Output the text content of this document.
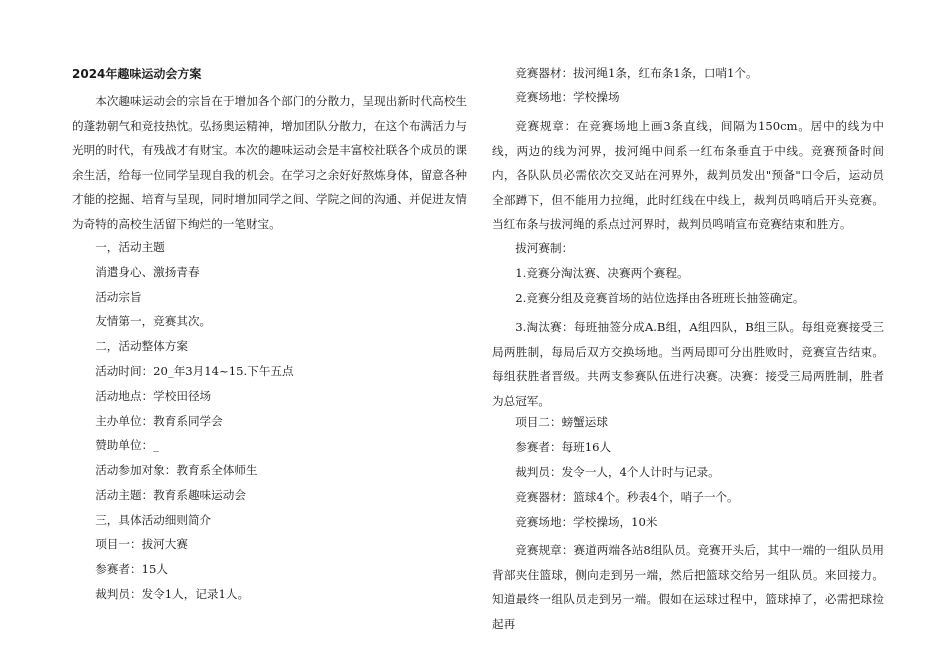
2024年趣味运动会方案

本次趣味运动会的宗旨在于增加各个部门的分散力，呈现出新时代高校生的蓬勃朝气和竞技热忱。弘扬奥运精神，增加团队分散力，在这个布满活力与光明的时代，有残战才有财宝。本次的趣味运动会是丰富校社联各个成员的课余生活，给每一位同学呈现自我的机会。在学习之余好好熬炼身体，留意各种才能的挖掘、培育与呈现，同时增加同学之间、学院之间的沟通、并促进友情为奇特的高校生活留下绚烂的一笔财宝。

一，活动主题

消遣身心、激扬青春

活动宗旨

友情第一，竞赛其次。

二，活动整体方案

活动时间：20_年3月14~15.下午五点

活动地点：学校田径场

主办单位：教育系同学会

赞助单位：_

活动参加对象：教育系全体师生

活动主题：教育系趣味运动会

三，具体活动细则简介

项目一：拔河大赛

参赛者：15人

裁判员：发令1人，记录1人。

竞赛器材：拔河绳1条，红布条1条，口哨1个。

竞赛场地：学校操场

竞赛规章：在竞赛场地上画3条直线，间隔为150cm。居中的线为中线，两边的线为河界，拔河绳中间系一红布条垂直于中线。竞赛预备时间内，各队队员必需依次交叉站在河界外，裁判员发出"预备"口令后，运动员全部蹲下，但不能用力拉绳，此时红线在中线上，裁判员鸣哨后开头竞赛。当红布条与拔河绳的系点过河界时，裁判员鸣哨宣布竞赛结束和胜方。

拔河赛制：

1.竞赛分淘汰赛、决赛两个赛程。

2.竞赛分组及竞赛首场的站位选择由各班班长抽签确定。

3.淘汰赛：每班抽签分成A.B组，A组四队，B组三队。每组竞赛接受三局两胜制，每局后双方交换场地。当两局即可分出胜败时，竞赛宣告结束。每组获胜者晋级。共两支参赛队伍进行决赛。决赛：接受三局两胜制，胜者为总冠军。

项目二：螃蟹运球

参赛者：每班16人

裁判员：发令一人，4个人计时与记录。

竞赛器材：篮球4个。秒表4个，哨子一个。

竞赛场地：学校操场，10米

竞赛规章：赛道两端各站8组队员。竞赛开头后，其中一端的一组队员用背部夹住篮球，侧向走到另一端，然后把篮球交给另一组队员。来回接力。知道最终一组队员走到另一端。假如在运球过程中，篮球掉了，必需把球捡起再
